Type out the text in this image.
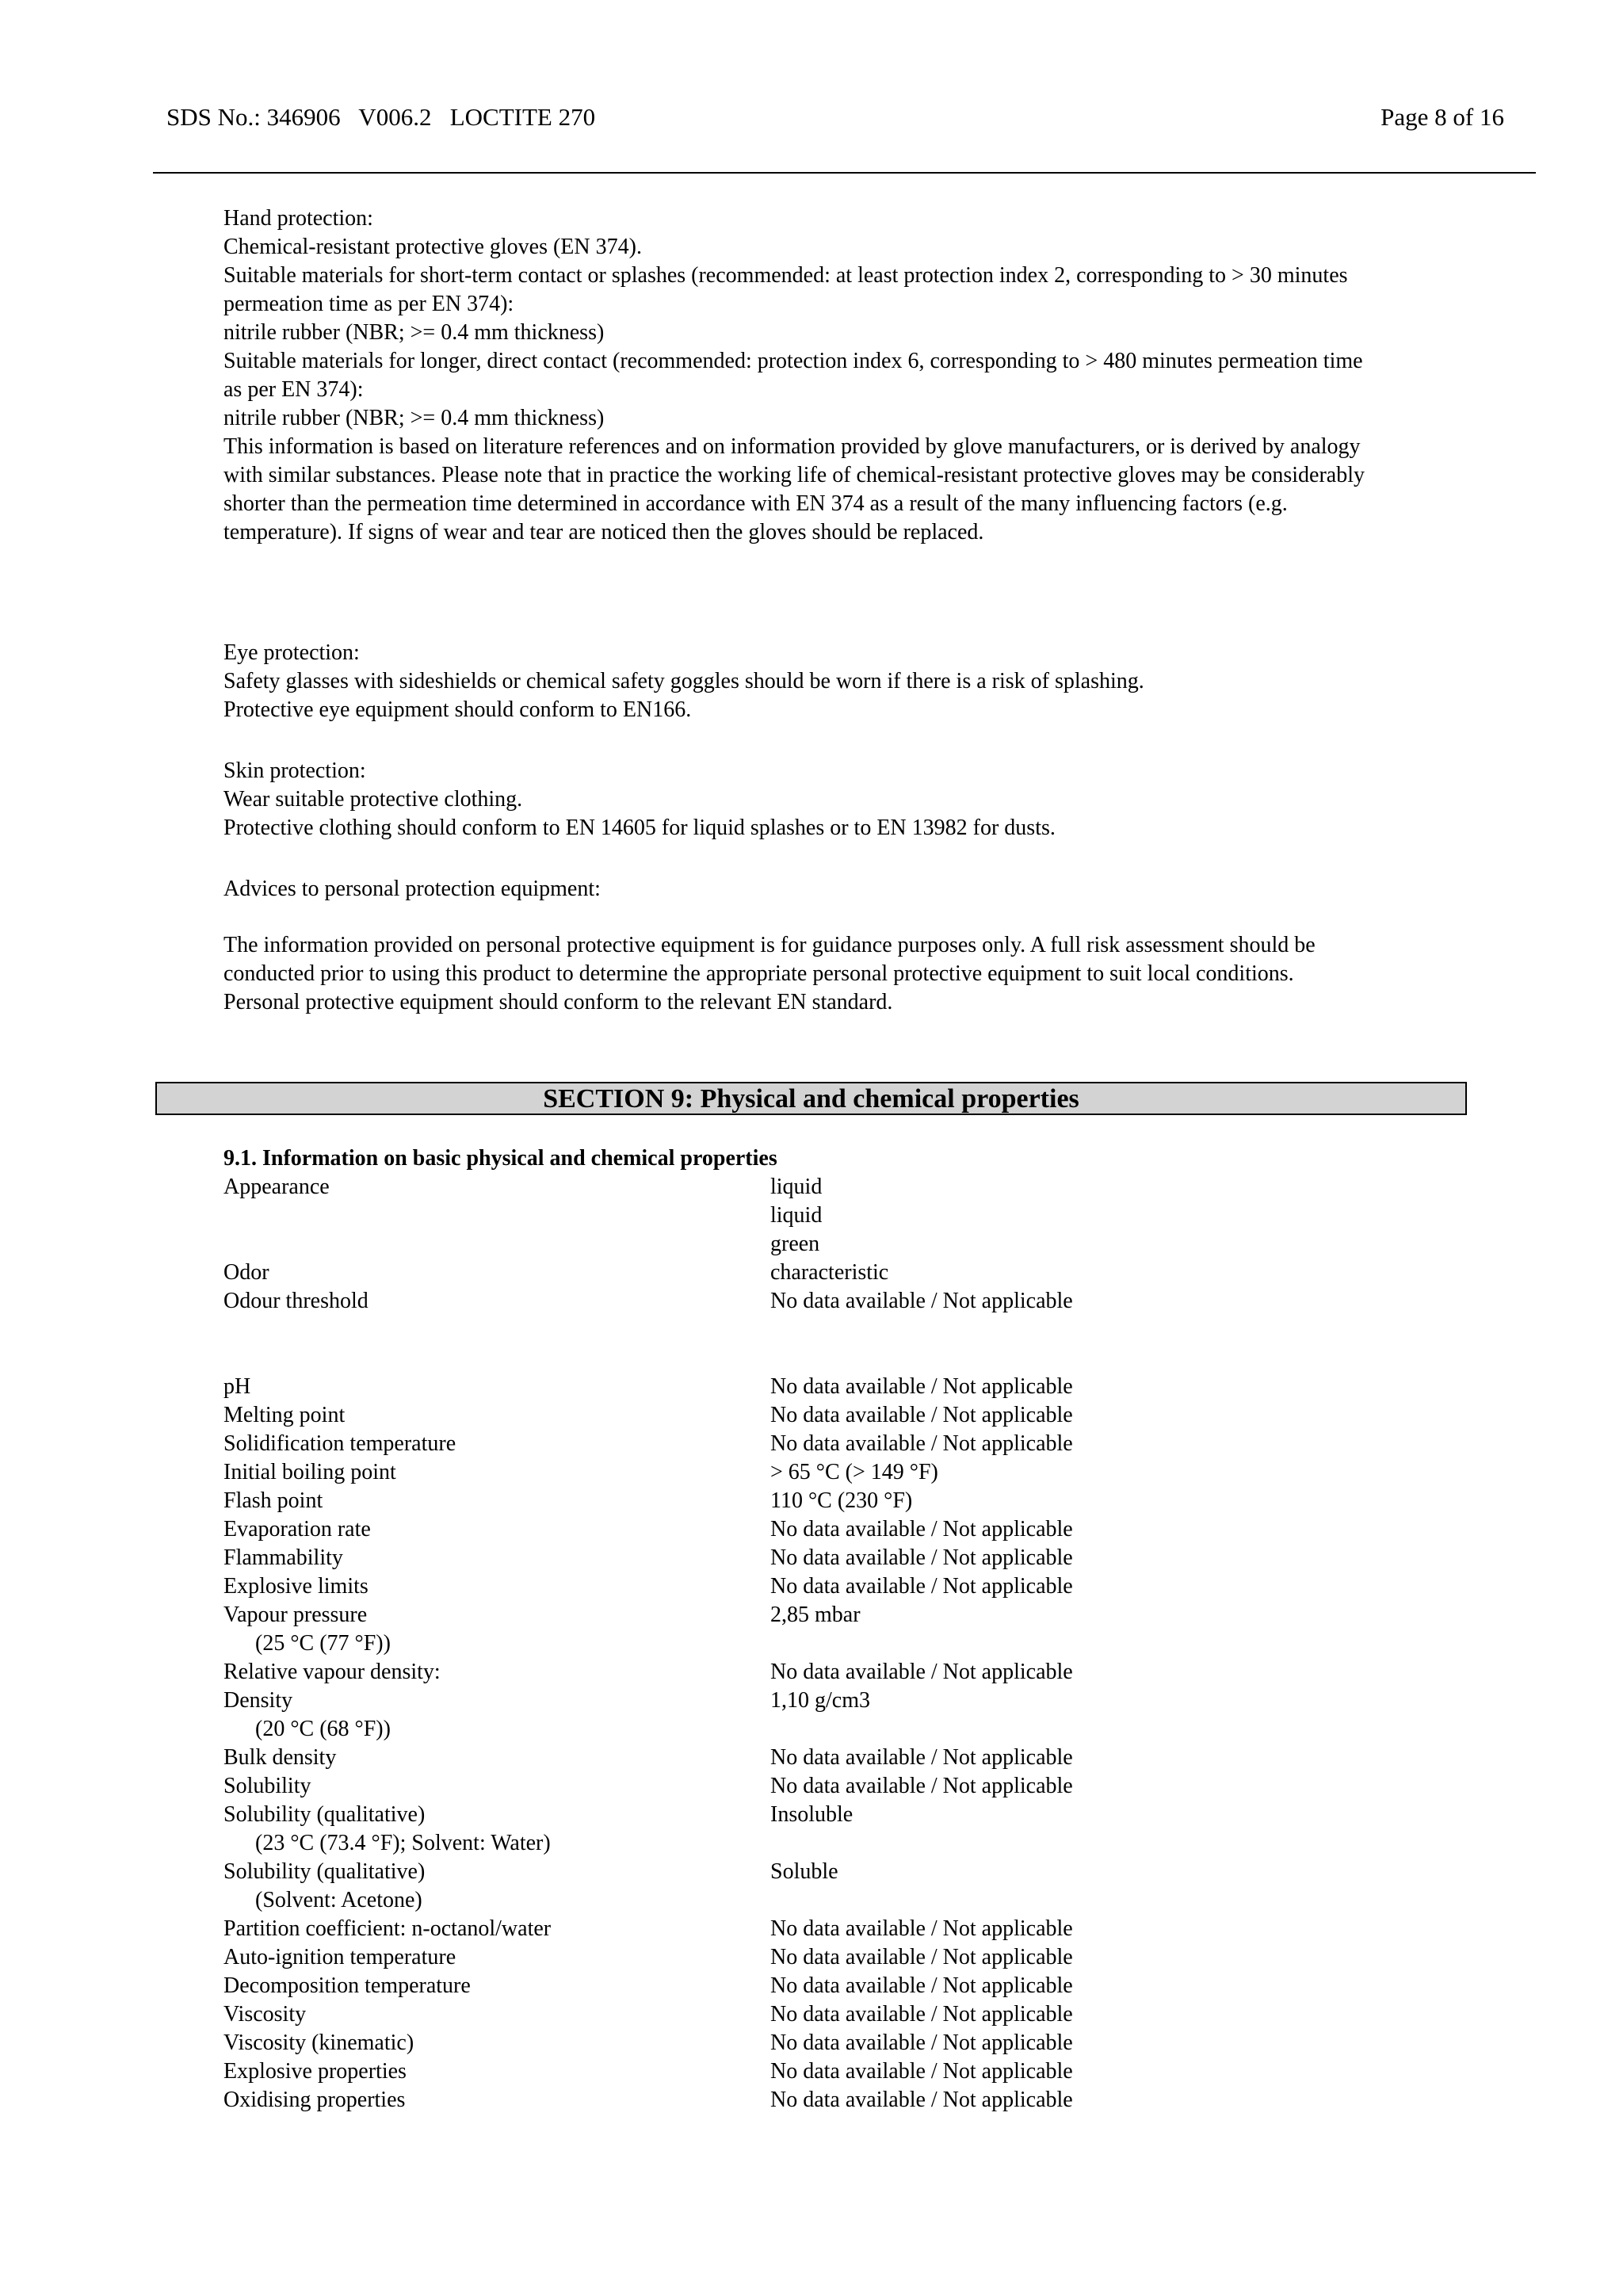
SDS No.: 346906   V006.2   LOCTITE 270	Page 8 of 16
Hand protection:
Chemical-resistant protective gloves (EN 374).
Suitable materials for short-term contact or splashes (recommended: at least protection index 2, corresponding to > 30 minutes
permeation time as per EN 374):
nitrile rubber (NBR; >= 0.4 mm thickness)
Suitable materials for longer, direct contact (recommended: protection index 6, corresponding to > 480 minutes permeation time
as per EN 374):
nitrile rubber (NBR; >= 0.4 mm thickness)
This information is based on literature references and on information provided by glove manufacturers, or is derived by analogy
with similar substances. Please note that in practice the working life of chemical-resistant protective gloves may be considerably
shorter than the permeation time determined in accordance with EN 374 as a result of the many influencing factors (e.g.
temperature). If signs of wear and tear are noticed then the gloves should be replaced.
Eye protection:
Safety glasses with sideshields or chemical safety goggles should be worn if there is a risk of splashing.
Protective eye equipment should conform to EN166.
Skin protection:
Wear suitable protective clothing.
Protective clothing should conform to EN 14605 for liquid splashes or to EN 13982 for dusts.
Advices to personal protection equipment:
The information provided on personal protective equipment is for guidance purposes only. A full risk assessment should be
conducted prior to using this product to determine the appropriate personal protective equipment to suit local conditions.
Personal protective equipment should conform to the relevant EN standard.
SECTION 9: Physical and chemical properties
9.1. Information on basic physical and chemical properties
Appearance	liquid
liquid
green
Odor	characteristic
Odour threshold	No data available / Not applicable
pH	No data available / Not applicable
Melting point	No data available / Not applicable
Solidification temperature	No data available / Not applicable
Initial boiling point	> 65 °C (> 149 °F)
Flash point	110 °C (230 °F)
Evaporation rate	No data available / Not applicable
Flammability	No data available / Not applicable
Explosive limits	No data available / Not applicable
Vapour pressure	2,85 mbar
(25 °C (77 °F))
Relative vapour density:	No data available / Not applicable
Density	1,10 g/cm3
(20 °C (68 °F))
Bulk density	No data available / Not applicable
Solubility	No data available / Not applicable
Solubility (qualitative)	Insoluble
(23 °C (73.4 °F); Solvent: Water)
Solubility (qualitative)	Soluble
(Solvent: Acetone)
Partition coefficient: n-octanol/water	No data available / Not applicable
Auto-ignition temperature	No data available / Not applicable
Decomposition temperature	No data available / Not applicable
Viscosity	No data available / Not applicable
Viscosity (kinematic)	No data available / Not applicable
Explosive properties	No data available / Not applicable
Oxidising properties	No data available / Not applicable
